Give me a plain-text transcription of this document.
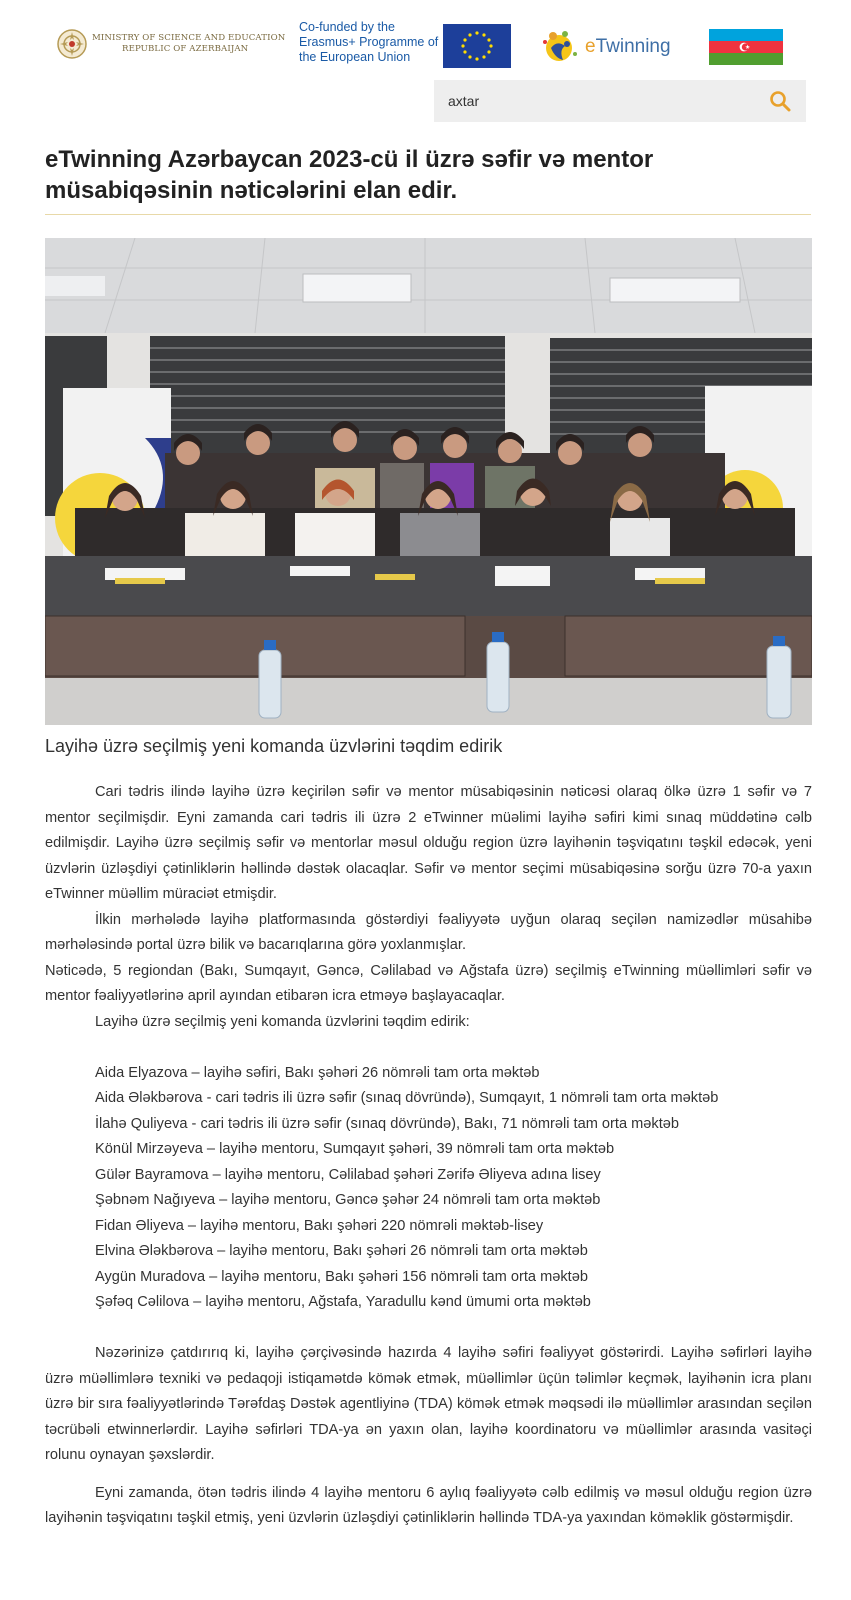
MINISTRY OF SCIENCE AND EDUCATION
REPUBLIC OF AZERBAIJAN
Co-funded by the Erasmus+ Programme of the European Union	eTwinning
axtar
eTwinning Azərbaycan 2023-cü il üzrə səfir və mentor müsabiqəsinin nəticələrini elan edir.
Layihə üzrə seçilmiş yeni komanda üzvlərini təqdim edirik

Cari tədris ilində layihə üzrə keçirilən səfir və mentor müsabiqəsinin nəticəsi olaraq ölkə üzrə 1 səfir və 7 mentor seçilmişdir. Eyni zamanda cari tədris ili üzrə 2 eTwinner müəlimi layihə səfiri kimi sınaq müddətinə cəlb edilmişdir. Layihə üzrə seçilmiş səfir və mentorlar məsul olduğu region üzrə layihənin təşviqatını təşkil edəcək, yeni üzvlərin üzləşdiyi çətinliklərin həllində dəstək olacaqlar. Səfir və mentor seçimi müsabiqəsinə sorğu üzrə 70-a yaxın eTwinner müəllim müraciət etmişdir.

İlkin mərhələdə layihə platformasında göstərdiyi fəaliyyətə uyğun olaraq seçilən namizədlər müsahibə mərhələsində portal üzrə bilik və bacarıqlarına görə yoxlanmışlar.

Nəticədə, 5 regiondan (Bakı, Sumqayıt, Gəncə, Cəlilabad və Ağstafa üzrə) seçilmiş eTwinning müəllimləri səfir və mentor fəaliyyətlərinə april ayından etibarən icra etməyə başlayacaqlar.

Layihə üzrə seçilmiş yeni komanda üzvlərini təqdim edirik:

Aida Elyazova – layihə səfiri, Bakı şəhəri 26 nömrəli tam orta məktəb

Aida Ələkbərova - cari tədris ili üzrə səfir (sınaq dövründə), Sumqayıt, 1 nömrəli tam orta məktəb

İlahə Quliyeva - cari tədris ili üzrə səfir (sınaq dövründə), Bakı, 71 nömrəli tam orta məktəb
Könül Mirzəyeva – layihə mentoru, Sumqayıt şəhəri, 39 nömrəli tam orta məktəb
Gülər Bayramova – layihə mentoru, Cəlilabad şəhəri Zərifə Əliyeva adına lisey
Şəbnəm Nağıyeva – layihə mentoru, Gəncə şəhər 24 nömrəli tam orta məktəb
Fidan Əliyeva – layihə mentoru, Bakı şəhəri 220 nömrəli məktəb-lisey
Elvina Ələkbərova – layihə mentoru, Bakı şəhəri 26 nömrəli tam orta məktəb
Aygün Muradova – layihə mentoru, Bakı şəhəri 156 nömrəli tam orta məktəb
Şəfəq Cəlilova – layihə mentoru, Ağstafa, Yaradullu kənd ümumi orta məktəb

Nəzərinizə çatdırırıq ki, layihə çərçivəsində hazırda 4 layihə səfiri fəaliyyət göstərirdi. Layihə səfirləri layihə üzrə müəllimlərə texniki və pedaqoji istiqamətdə kömək etmək, müəllimlər üçün təlimlər keçmək, layihənin icra planı üzrə bir sıra fəaliyyətlərində Tərəfdaş Dəstək agentliyinə (TDA) kömək etmək məqsədi ilə müəllimlər arasından seçilən təcrübəli etwinnerlərdir. Layihə səfirləri TDA-ya ən yaxın olan, layihə koordinatoru və müəllimlər arasında vasitəçi rolunu oynayan şəxslərdir.

Eyni zamanda, ötən tədris ilində 4 layihə mentoru 6 aylıq fəaliyyətə cəlb edilmiş və məsul olduğu region üzrə layihənin təşviqatını təşkil etmiş, yeni üzvlərin üzləşdiyi çətinliklərin həllində TDA-ya yaxından köməklik göstərmişdir.
